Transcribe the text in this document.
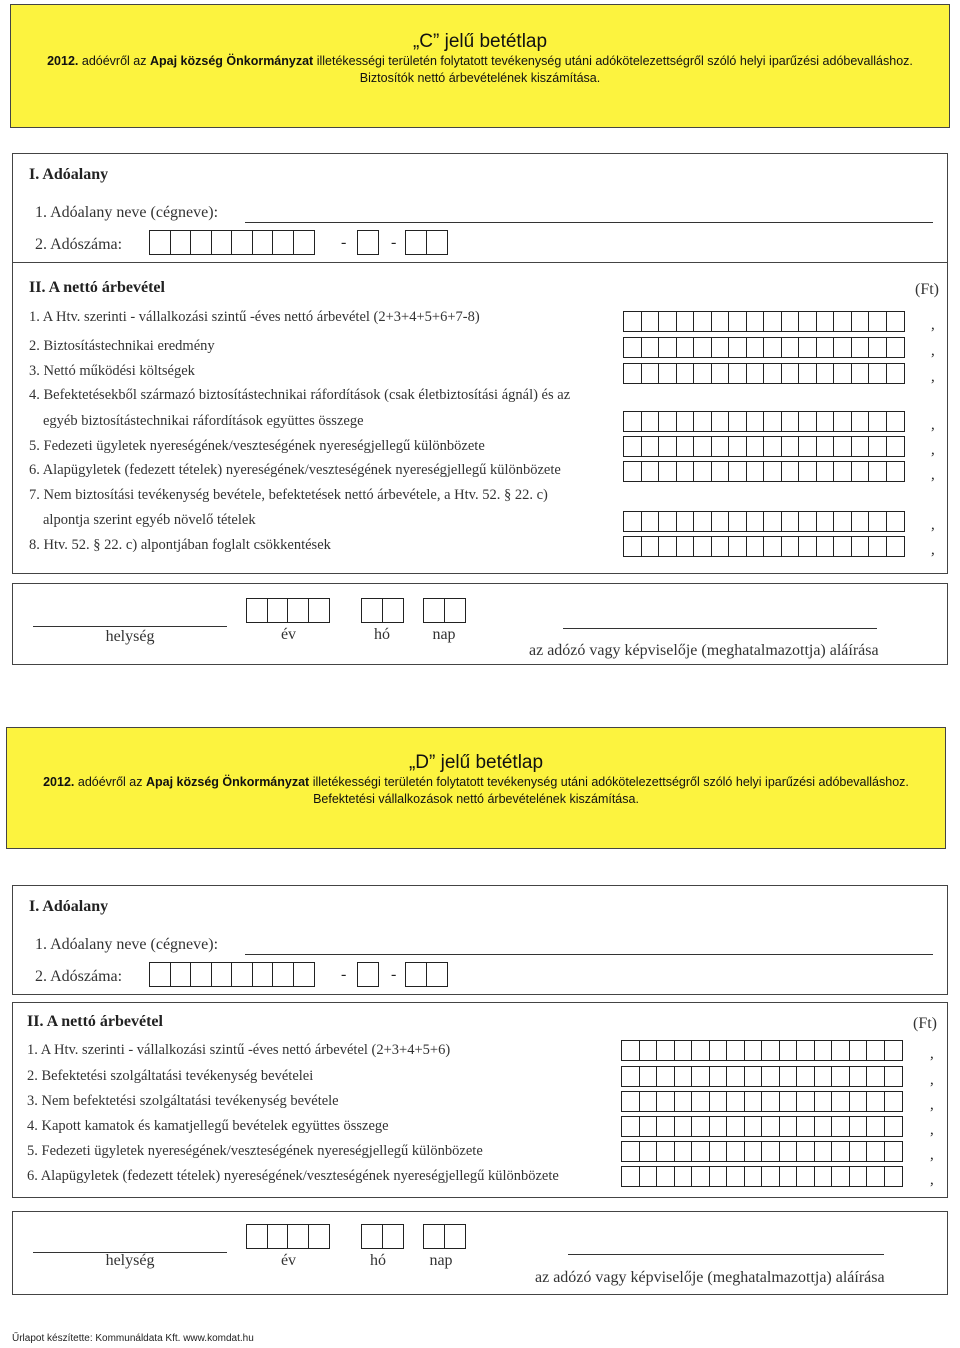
„C” jelű betétlap
2012. adóévről az Apaj község Önkormányzat illetékességi területén folytatott tevékenység utáni adókötelezettségről szóló helyi iparűzési adóbevalláshoz.
Biztosítók nettó árbevételének kiszámítása.
I. Adóalany
1. Adóalany neve (cégneve):
2. Adószáma:	-	-
II. A nettó árbevétel	(Ft)
1. A Htv. szerinti - vállalkozási szintű -éves nettó árbevétel (2+3+4+5+6+7-8)
2. Biztosítástechnikai eredmény
3. Nettó működési költségek
4. Befektetésekből származó biztosítástechnikai ráfordítások (csak életbiztosítási ágnál) és az
egyéb biztosítástechnikai ráfordítások együttes összege
5. Fedezeti ügyletek nyereségének/veszteségének nyereségjellegű különbözete
6. Alapügyletek (fedezett tételek) nyereségének/veszteségének nyereségjellegű különbözete
7. Nem biztosítási tevékenység bevétele, befektetések nettó árbevétele, a Htv. 52. § 22. c)
alpontja szerint egyéb növelő tételek
8. Htv. 52. § 22. c) alpontjában foglalt csökkentések
,
,
,
,
,
,
,
,
helység	év	hó	nap
az adózó vagy képviselője (meghatalmazottja) aláírása
„D” jelű betétlap
2012. adóévről az Apaj község Önkormányzat illetékességi területén folytatott tevékenység utáni adókötelezettségről szóló helyi iparűzési adóbevalláshoz.
Befektetési vállalkozások nettó árbevételének kiszámítása.
I. Adóalany
1. Adóalany neve (cégneve):
2. Adószáma:	-	-
II. A nettó árbevétel	(Ft)
1. A Htv. szerinti - vállalkozási szintű -éves nettó árbevétel (2+3+4+5+6)
2. Befektetési szolgáltatási tevékenység bevételei
3. Nem befektetési szolgáltatási tevékenység bevétele
4. Kapott kamatok és kamatjellegű bevételek együttes összege
5. Fedezeti ügyletek nyereségének/veszteségének nyereségjellegű különbözete
6. Alapügyletek (fedezett tételek) nyereségének/veszteségének nyereségjellegű különbözete
,
,
,
,
,
,
helység	év	hó	nap
az adózó vagy képviselője (meghatalmazottja) aláírása
Űrlapot készítette: Kommunáldata Kft. www.komdat.hu
